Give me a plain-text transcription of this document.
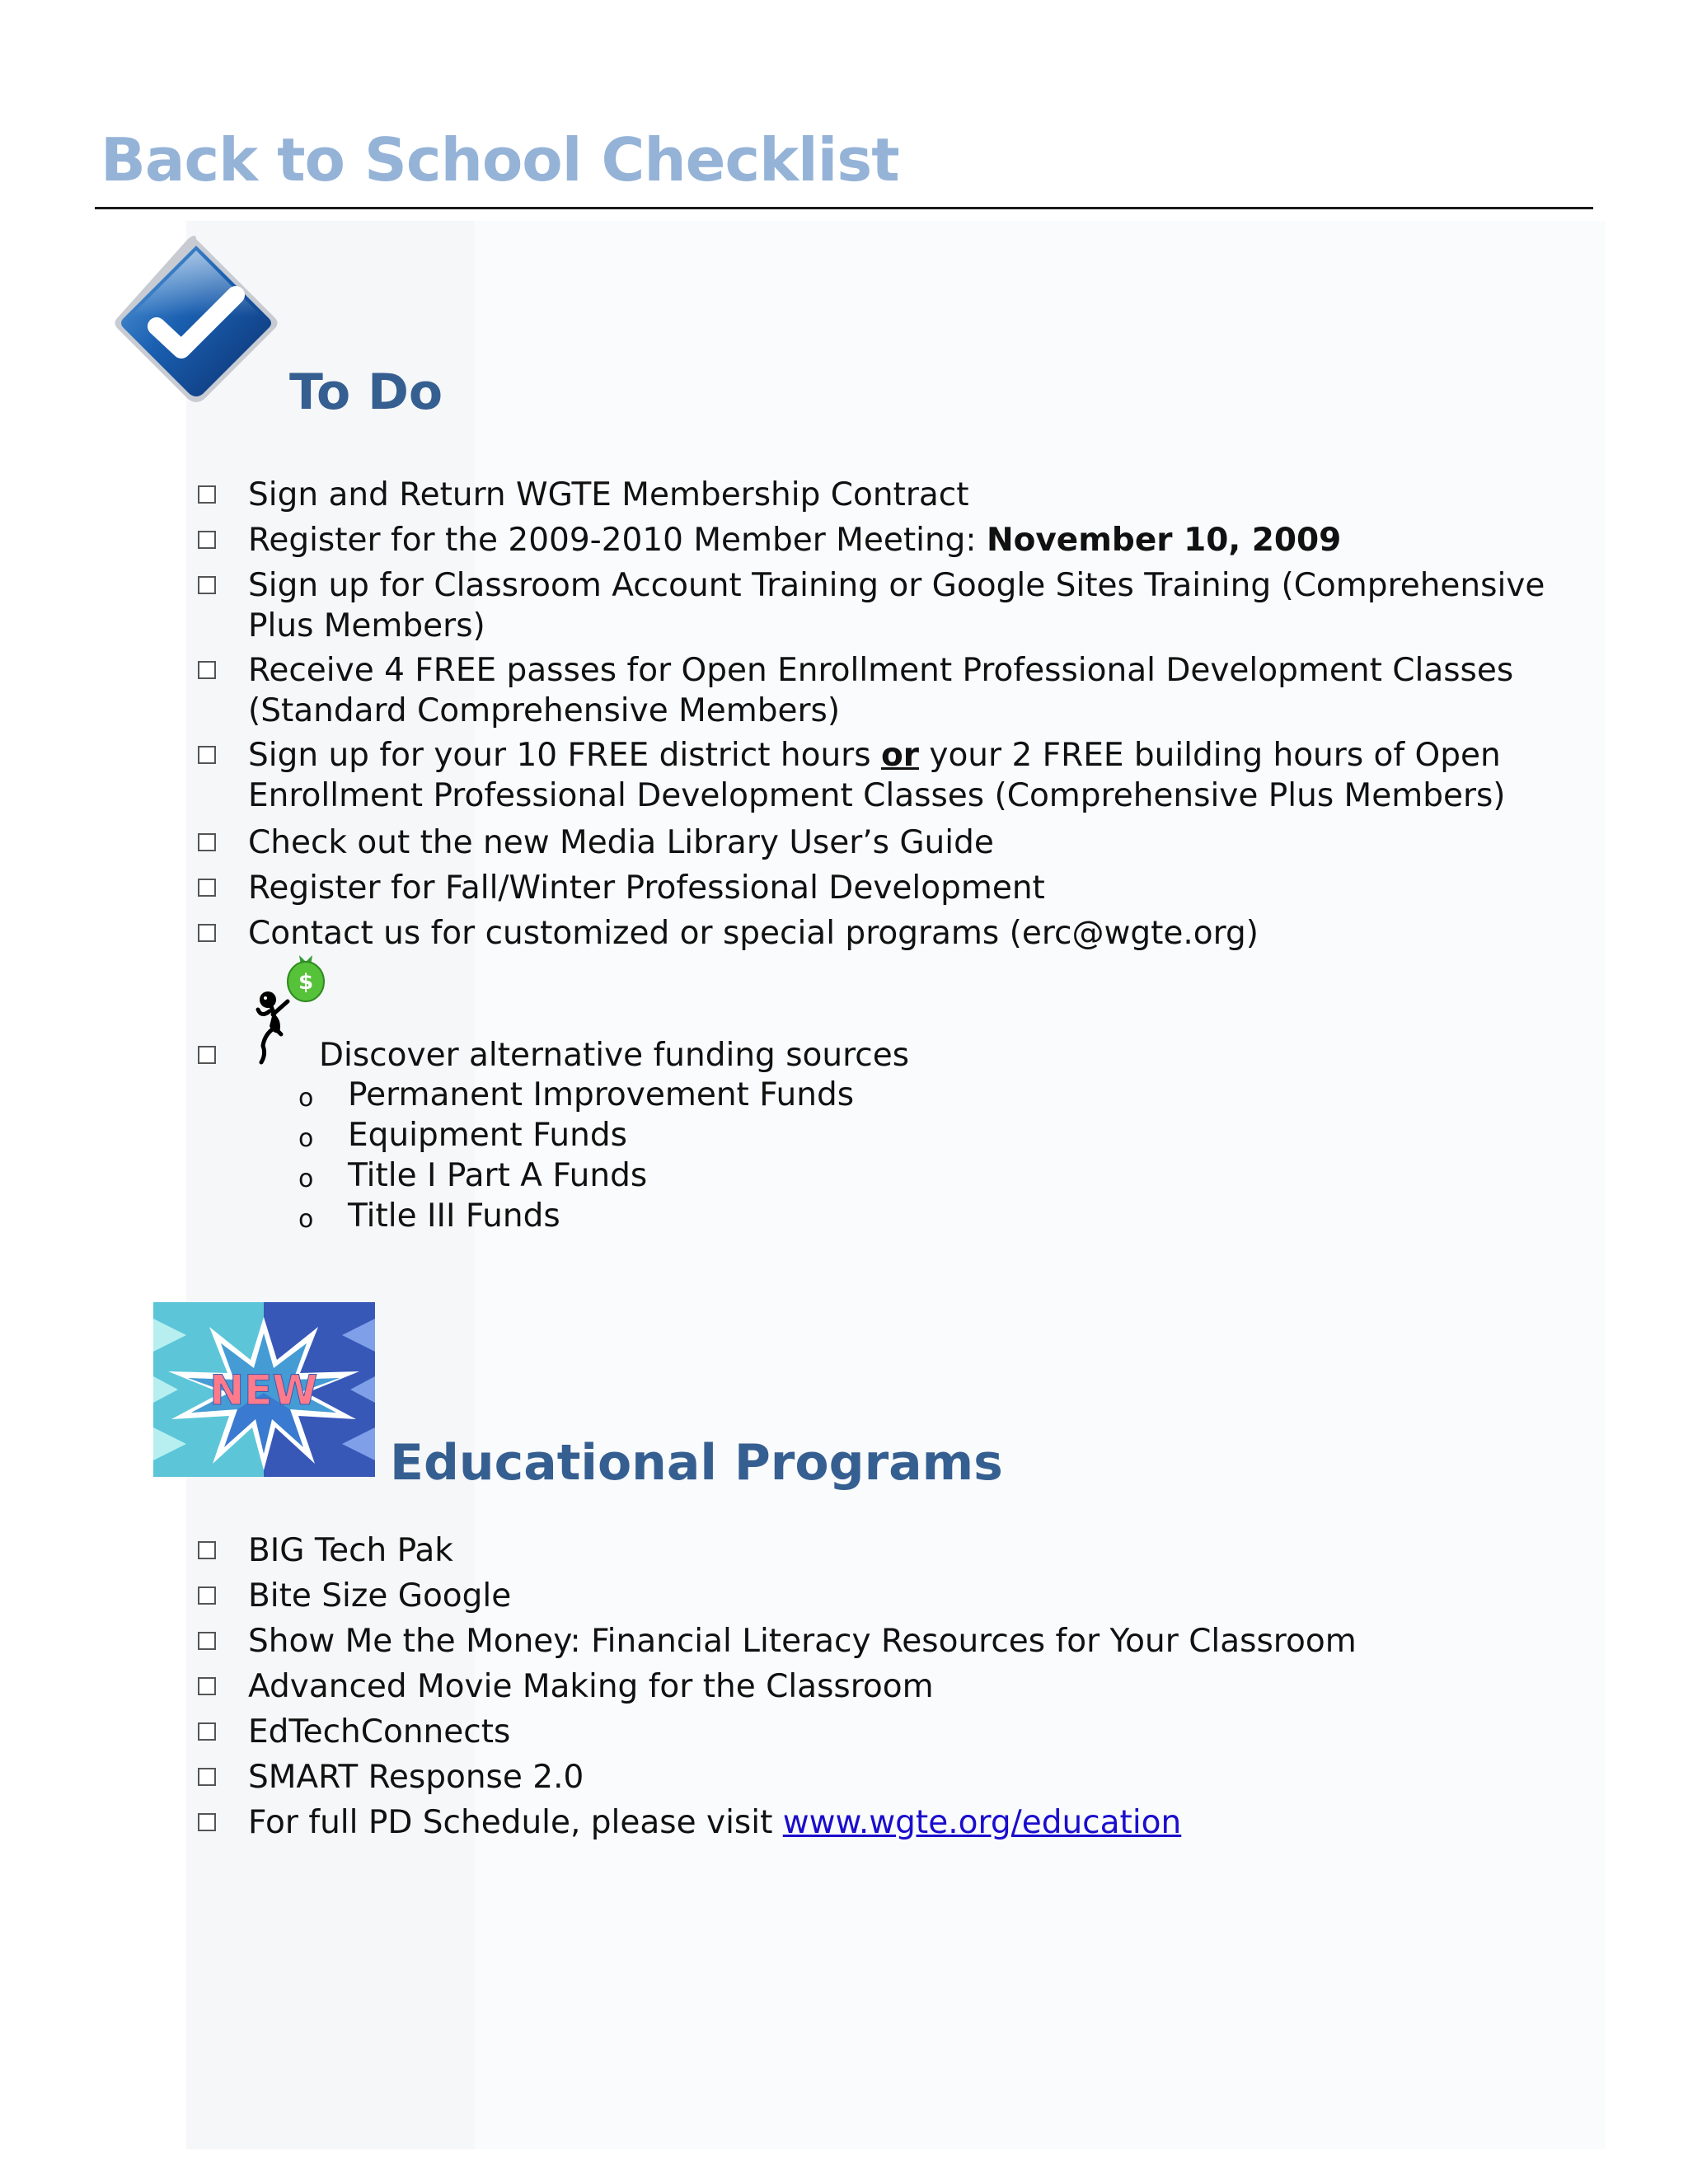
Back to School Checklist
To Do
Sign and Return WGTE Membership Contract
Register for the 2009-2010 Member Meeting: November 10, 2009
Sign up for Classroom Account Training or Google Sites Training (Comprehensive Plus Members)
Receive 4 FREE passes for Open Enrollment Professional Development Classes (Standard Comprehensive Members)
Sign up for your 10 FREE district hours or your 2 FREE building hours of Open Enrollment Professional Development Classes (Comprehensive Plus Members)
Check out the new Media Library User’s Guide
Register for Fall/Winter Professional Development
Contact us for customized or special programs (erc@wgte.org)
$
Discover alternative funding sources
o Permanent Improvement Funds
o Equipment Funds
o Title I Part A Funds
o Title III Funds
NEW
Educational Programs
BIG Tech Pak
Bite Size Google
Show Me the Money: Financial Literacy Resources for Your Classroom
Advanced Movie Making for the Classroom
EdTechConnects
SMART Response 2.0
For full PD Schedule, please visit www.wgte.org/education
